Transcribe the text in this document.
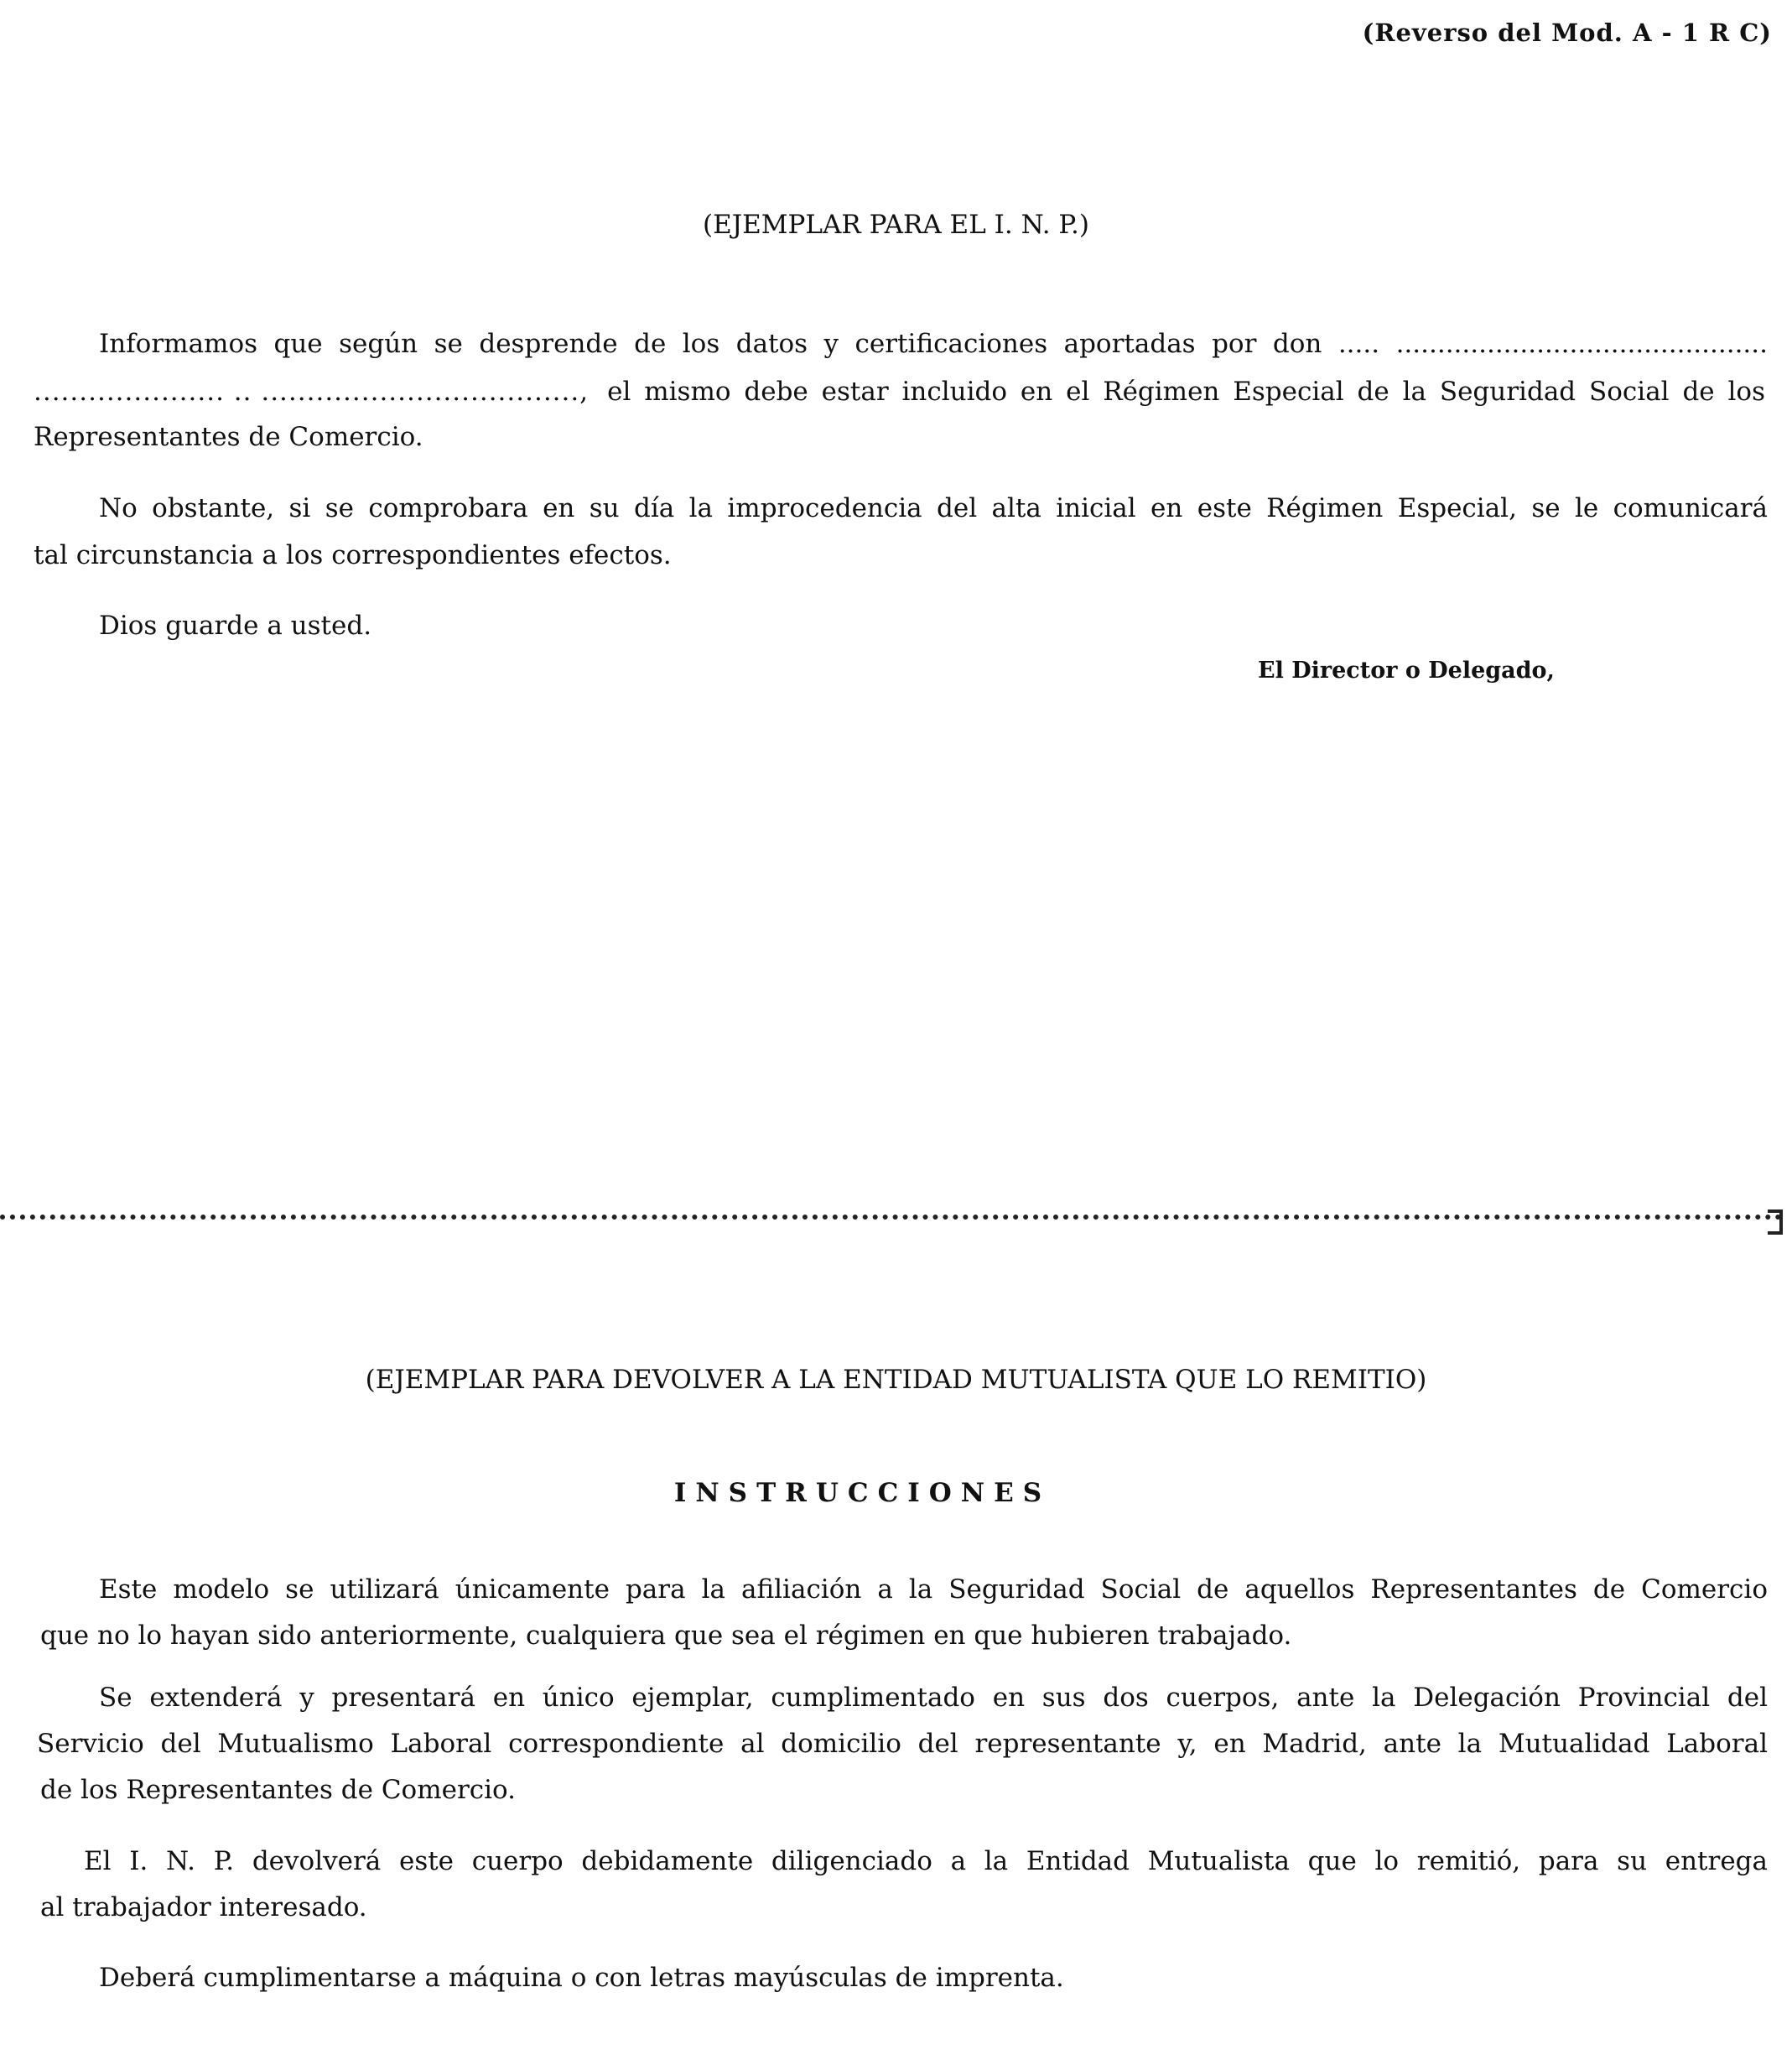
(Reverso del Mod. A - 1 R C)
(EJEMPLAR PARA EL I. N. P.)
Informamos que según se desprende de los datos y certificaciones aportadas por don ..... .............................................
..................... .. ..................................., el mismo debe estar incluido en el Régimen Especial de la Seguridad Social de los
Representantes de Comercio.
No obstante, si se comprobara en su día la improcedencia del alta inicial en este Régimen Especial, se le comunicará
tal circunstancia a los correspondientes efectos.
Dios guarde a usted.
El Director o Delegado,
(EJEMPLAR PARA DEVOLVER A LA ENTIDAD MUTUALISTA QUE LO REMITIO)
INSTRUCCIONES
Este modelo se utilizará únicamente para la afiliación a la Seguridad Social de aquellos Representantes de Comercio
que no lo hayan sido anteriormente, cualquiera que sea el régimen en que hubieren trabajado.
Se extenderá y presentará en único ejemplar, cumplimentado en sus dos cuerpos, ante la Delegación Provincial del
Servicio del Mutualismo Laboral correspondiente al domicilio del representante y, en Madrid, ante la Mutualidad Laboral
de los Representantes de Comercio.
El I. N. P. devolverá este cuerpo debidamente diligenciado a la Entidad Mutualista que lo remitió, para su entrega
al trabajador interesado.
Deberá cumplimentarse a máquina o con letras mayúsculas de imprenta.
